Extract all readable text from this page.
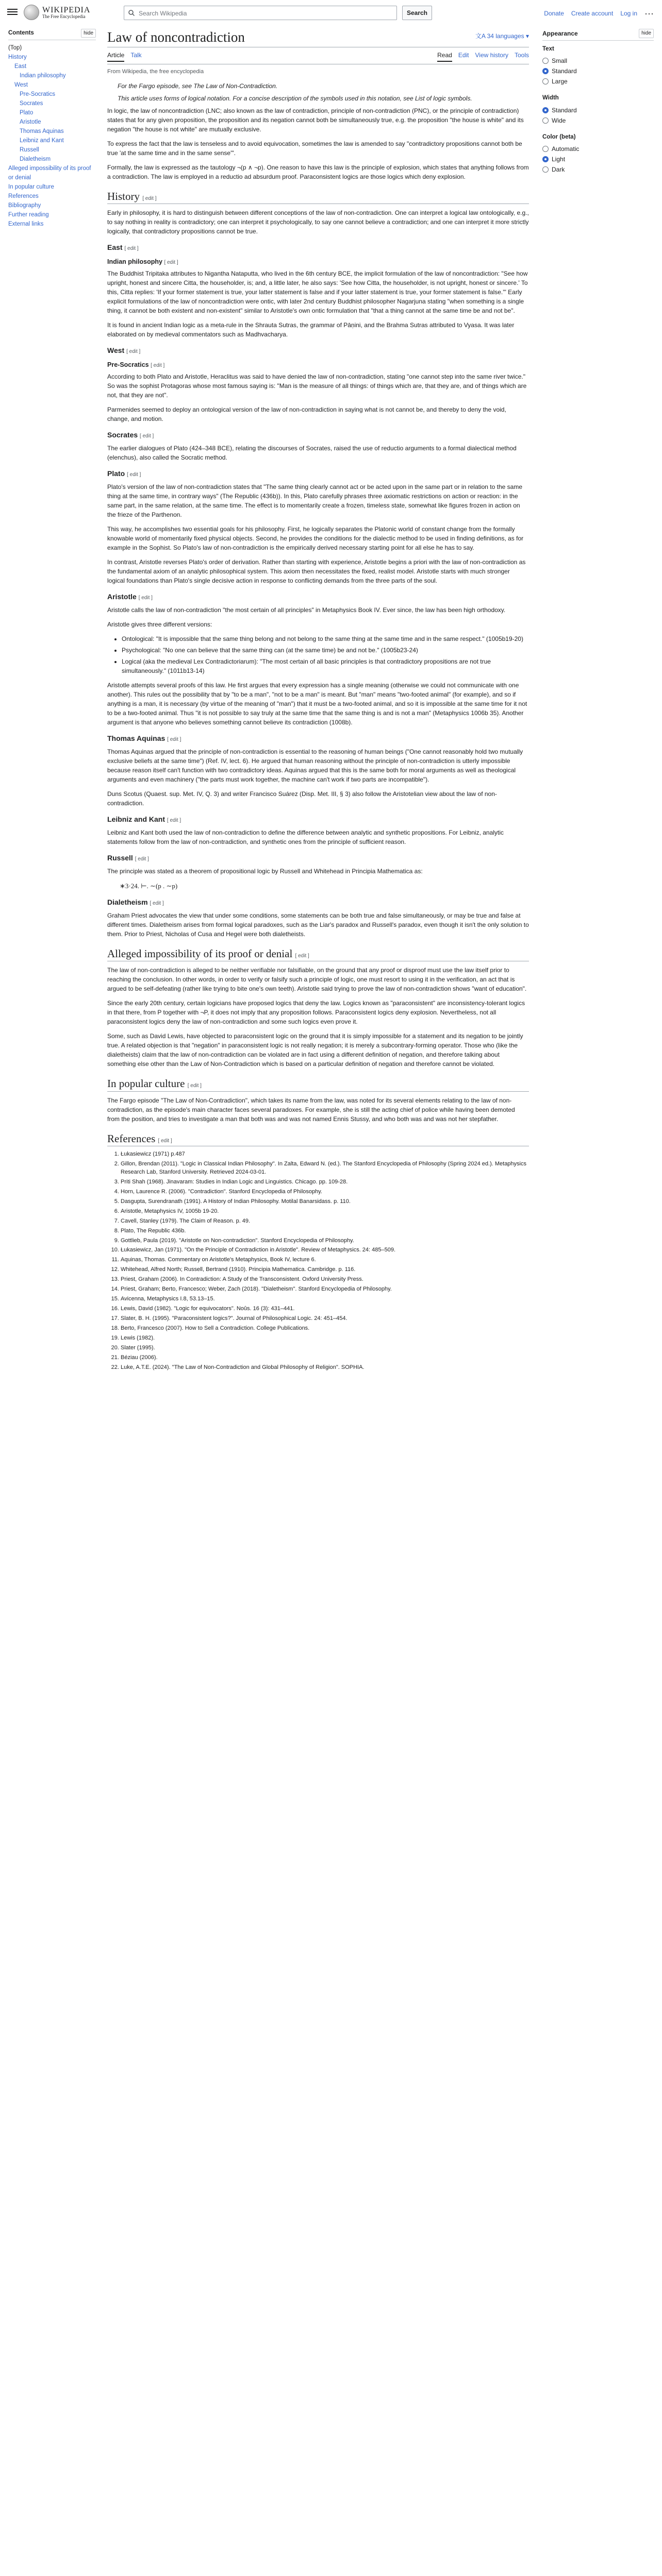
WIKIPEDIA
The Free Encyclopedia	Search Wikipedia	Search	Donate Create account Log in ···
Contents	hide
(Top)
History
East
Indian philosophy
West
Pre-Socratics
Socrates
Plato
Aristotle
Thomas Aquinas
Leibniz and Kant
Russell
Dialetheism
Alleged impossibility of its proof or denial
In popular culture
References
Bibliography
Further reading
External links
Law of noncontradiction	文A 34 languages ▾
Article Talk	Read Edit View history Tools
From Wikipedia, the free encyclopedia
For the Fargo episode, see The Law of Non-Contradiction.
This article uses forms of logical notation. For a concise description of the symbols used in this notation, see List of logic symbols.

In logic, the law of noncontradiction (LNC; also known as the law of contradiction, principle of non-contradiction (PNC), or the principle of contradiction) states that for any given proposition, the proposition and its negation cannot both be simultaneously true, e.g. the proposition "the house is white" and its negation "the house is not white" are mutually exclusive.

To express the fact that the law is tenseless and to avoid equivocation, sometimes the law is amended to say "contradictory propositions cannot both be true 'at the same time and in the same sense'".

Formally, the law is expressed as the tautology ¬(p ∧ ¬p). One reason to have this law is the principle of explosion, which states that anything follows from a contradiction. The law is employed in a reductio ad absurdum proof. Paraconsistent logics are those logics which deny explosion.

History [ edit ]

Early in philosophy, it is hard to distinguish between different conceptions of the law of non-contradiction. One can interpret a logical law ontologically, e.g., to say nothing in reality is contradictory; one can interpret it psychologically, to say one cannot believe a contradiction; and one can interpret it more strictly logically, that contradictory propositions cannot be true.

East [ edit ]
Indian philosophy [ edit ]

The Buddhist Tripitaka attributes to Nigantha Nataputta, who lived in the 6th century BCE, the implicit formulation of the law of noncontradiction: "See how upright, honest and sincere Citta, the householder, is; and, a little later, he also says: 'See how Citta, the householder, is not upright, honest or sincere.' To this, Citta replies: 'If your former statement is true, your latter statement is false and if your latter statement is true, your former statement is false.'" Early explicit formulations of the law of noncontradiction were ontic, with later 2nd century Buddhist philosopher Nagarjuna stating "when something is a single thing, it cannot be both existent and non-existent" similar to Aristotle's own ontic formulation that "that a thing cannot at the same time be and not be".

It is found in ancient Indian logic as a meta-rule in the Shrauta Sutras, the grammar of Pāṇini, and the Brahma Sutras attributed to Vyasa. It was later elaborated on by medieval commentators such as Madhvacharya.

West [ edit ]
Pre-Socratics [ edit ]

According to both Plato and Aristotle, Heraclitus was said to have denied the law of non-contradiction, stating "one cannot step into the same river twice." So was the sophist Protagoras whose most famous saying is: "Man is the measure of all things: of things which are, that they are, and of things which are not, that they are not".

Parmenides seemed to deploy an ontological version of the law of non-contradiction in saying what is not cannot be, and thereby to deny the void, change, and motion.

Socrates [ edit ]

The earlier dialogues of Plato (424–348 BCE), relating the discourses of Socrates, raised the use of reductio arguments to a formal dialectical method (elenchus), also called the Socratic method.

Plato [ edit ]

Plato's version of the law of non-contradiction states that "The same thing clearly cannot act or be acted upon in the same part or in relation to the same thing at the same time, in contrary ways" (The Republic (436b)). In this, Plato carefully phrases three axiomatic restrictions on action or reaction: in the same part, in the same relation, at the same time. The effect is to momentarily create a frozen, timeless state, somewhat like figures frozen in action on the frieze of the Parthenon.

This way, he accomplishes two essential goals for his philosophy. First, he logically separates the Platonic world of constant change from the formally knowable world of momentarily fixed physical objects. Second, he provides the conditions for the dialectic method to be used in finding definitions, as for example in the Sophist. So Plato's law of non-contradiction is the empirically derived necessary starting point for all else he has to say.

In contrast, Aristotle reverses Plato's order of derivation. Rather than starting with experience, Aristotle begins a priori with the law of non-contradiction as the fundamental axiom of an analytic philosophical system. This axiom then necessitates the fixed, realist model. Aristotle starts with much stronger logical foundations than Plato's single decisive action in response to conflicting demands from the three parts of the soul.

Aristotle [ edit ]

Aristotle calls the law of non-contradiction "the most certain of all principles" in Metaphysics Book IV. Ever since, the law has been high orthodoxy.

Aristotle gives three different versions:

• Ontological: "It is impossible that the same thing belong and not belong to the same thing at the same time and in the same respect." (1005b19-20)
• Psychological: "No one can believe that the same thing can (at the same time) be and not be." (1005b23-24)
• Logical (aka the medieval Lex Contradictoriarum): "The most certain of all basic principles is that contradictory propositions are not true simultaneously." (1011b13-14)

Aristotle attempts several proofs of this law. He first argues that every expression has a single meaning (otherwise we could not communicate with one another). This rules out the possibility that by "to be a man", "not to be a man" is meant. But "man" means "two-footed animal" (for example), and so if anything is a man, it is necessary (by virtue of the meaning of "man") that it must be a two-footed animal, and so it is impossible at the same time for it not to be a two-footed animal. Thus "it is not possible to say truly at the same time that the same thing is and is not a man" (Metaphysics 1006b 35). Another argument is that anyone who believes something cannot believe its contradiction (1008b).

Thomas Aquinas [ edit ]

Thomas Aquinas argued that the principle of non-contradiction is essential to the reasoning of human beings ("One cannot reasonably hold two mutually exclusive beliefs at the same time") (Ref. IV, lect. 6). He argued that human reasoning without the principle of non-contradiction is utterly impossible because reason itself can't function with two contradictory ideas. Aquinas argued that this is the same both for moral arguments as well as theological arguments and even machinery ("the parts must work together, the machine can't work if two parts are incompatible").

Duns Scotus (Quaest. sup. Met. IV, Q. 3) and writer Francisco Suárez (Disp. Met. III, § 3) also follow the Aristotelian view about the law of non-contradiction.

Leibniz and Kant [ edit ]

Leibniz and Kant both used the law of non-contradiction to define the difference between analytic and synthetic propositions. For Leibniz, analytic statements follow from the law of non-contradiction, and synthetic ones from the principle of sufficient reason.

Russell [ edit ]

The principle was stated as a theorem of propositional logic by Russell and Whitehead in Principia Mathematica as:

∗3·24. ⊢. ∼(p . ∼p)
Dialetheism [ edit ]

Graham Priest advocates the view that under some conditions, some statements can be both true and false simultaneously, or may be true and false at different times. Dialetheism arises from formal logical paradoxes, such as the Liar's paradox and Russell's paradox, even though it isn't the only solution to them. Prior to Priest, Nicholas of Cusa and Hegel were both dialetheists.

Alleged impossibility of its proof or denial [ edit ]

The law of non-contradiction is alleged to be neither verifiable nor falsifiable, on the ground that any proof or disproof must use the law itself prior to reaching the conclusion. In other words, in order to verify or falsify such a principle of logic, one must resort to using it in the verification, an act that is argued to be self-defeating (rather like trying to bite one's own teeth). Aristotle said trying to prove the law of non-contradiction shows "want of education".

Since the early 20th century, certain logicians have proposed logics that deny the law. Logics known as "paraconsistent" are inconsistency-tolerant logics in that there, from P together with ¬P, it does not imply that any proposition follows. Paraconsistent logics deny explosion. Nevertheless, not all paraconsistent logics deny the law of non-contradiction and some such logics even prove it.

Some, such as David Lewis, have objected to paraconsistent logic on the ground that it is simply impossible for a statement and its negation to be jointly true. A related objection is that "negation" in paraconsistent logic is not really negation; it is merely a subcontrary-forming operator. Those who (like the dialetheists) claim that the law of non-contradiction can be violated are in fact using a different definition of negation, and therefore talking about something else other than the Law of Non-Contradiction which is based on a particular definition of negation and therefore cannot be violated.

In popular culture [ edit ]

The Fargo episode "The Law of Non-Contradiction", which takes its name from the law, was noted for its several elements relating to the law of non-contradiction, as the episode's main character faces several paradoxes. For example, she is still the acting chief of police while having been demoted from the position, and tries to investigate a man that both was and was not named Ennis Stussy, and who both was and was not her stepfather.

References [ edit ]
1. Łukasiewicz (1971) p.487
2. Gillon, Brendan (2011). "Logic in Classical Indian Philosophy". In Zalta, Edward N. (ed.). The Stanford Encyclopedia of Philosophy (Spring 2024 ed.). Metaphysics Research Lab, Stanford University. Retrieved 2024-03-01.
3. Priti Shah (1968). Jinavaram: Studies in Indian Logic and Linguistics. Chicago. pp. 109-28.
4. Horn, Laurence R. (2006). "Contradiction". Stanford Encyclopedia of Philosophy.
5. Dasgupta, Surendranath (1991). A History of Indian Philosophy. Motilal Banarsidass. p. 110.
6. Aristotle, Metaphysics IV, 1005b 19-20.
7. Cavell, Stanley (1979). The Claim of Reason. p. 49.
8. Plato, The Republic 436b.
9. Gottlieb, Paula (2019). "Aristotle on Non-contradiction". Stanford Encyclopedia of Philosophy.
10. Łukasiewicz, Jan (1971). "On the Principle of Contradiction in Aristotle". Review of Metaphysics. 24: 485–509.
11. Aquinas, Thomas. Commentary on Aristotle's Metaphysics, Book IV, lecture 6.
12. Whitehead, Alfred North; Russell, Bertrand (1910). Principia Mathematica. Cambridge. p. 116.
13. Priest, Graham (2006). In Contradiction: A Study of the Transconsistent. Oxford University Press.
14. Priest, Graham; Berto, Francesco; Weber, Zach (2018). "Dialetheism". Stanford Encyclopedia of Philosophy.
15. Avicenna, Metaphysics I.8, 53.13–15.
16. Lewis, David (1982). "Logic for equivocators". Noûs. 16 (3): 431–441.
17. Slater, B. H. (1995). "Paraconsistent logics?". Journal of Philosophical Logic. 24: 451–454.
18. Berto, Francesco (2007). How to Sell a Contradiction. College Publications.
19. Lewis (1982).
20. Slater (1995).
21. Béziau (2006).
22. Luke, A.T.E. (2024). "The Law of Non-Contradiction and Global Philosophy of Religion". SOPHIA.
Appearance	hide
Text
Small
Standard
Large
Width
Standard
Wide
Color (beta)
Automatic
Light
Dark
